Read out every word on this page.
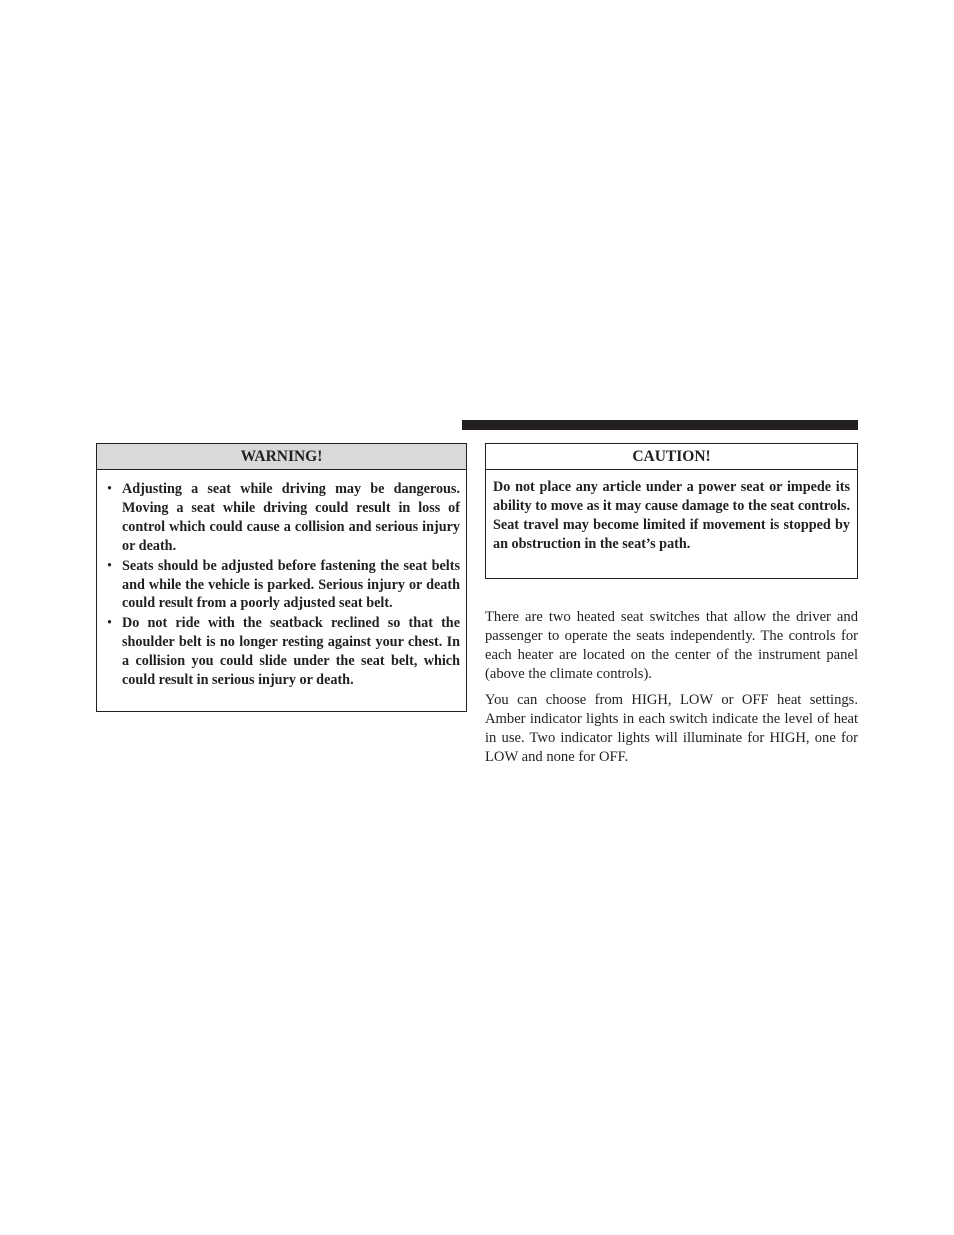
WARNING!
• Adjusting a seat while driving may be dangerous. Moving a seat while driving could result in loss of control which could cause a collision and serious injury or death.
• Seats should be adjusted before fastening the seat belts and while the vehicle is parked. Serious injury or death could result from a poorly adjusted seat belt.
• Do not ride with the seatback reclined so that the shoulder belt is no longer resting against your chest. In a collision you could slide under the seat belt, which could result in serious injury or death.
CAUTION!

Do not place any article under a power seat or impede its ability to move as it may cause damage to the seat controls. Seat travel may become limited if movement is stopped by an obstruction in the seat’s path.

There are two heated seat switches that allow the driver and passenger to operate the seats independently. The controls for each heater are located on the center of the instrument panel (above the climate controls).

You can choose from HIGH, LOW or OFF heat settings. Amber indicator lights in each switch indicate the level of heat in use. Two indicator lights will illuminate for HIGH, one for LOW and none for OFF.
